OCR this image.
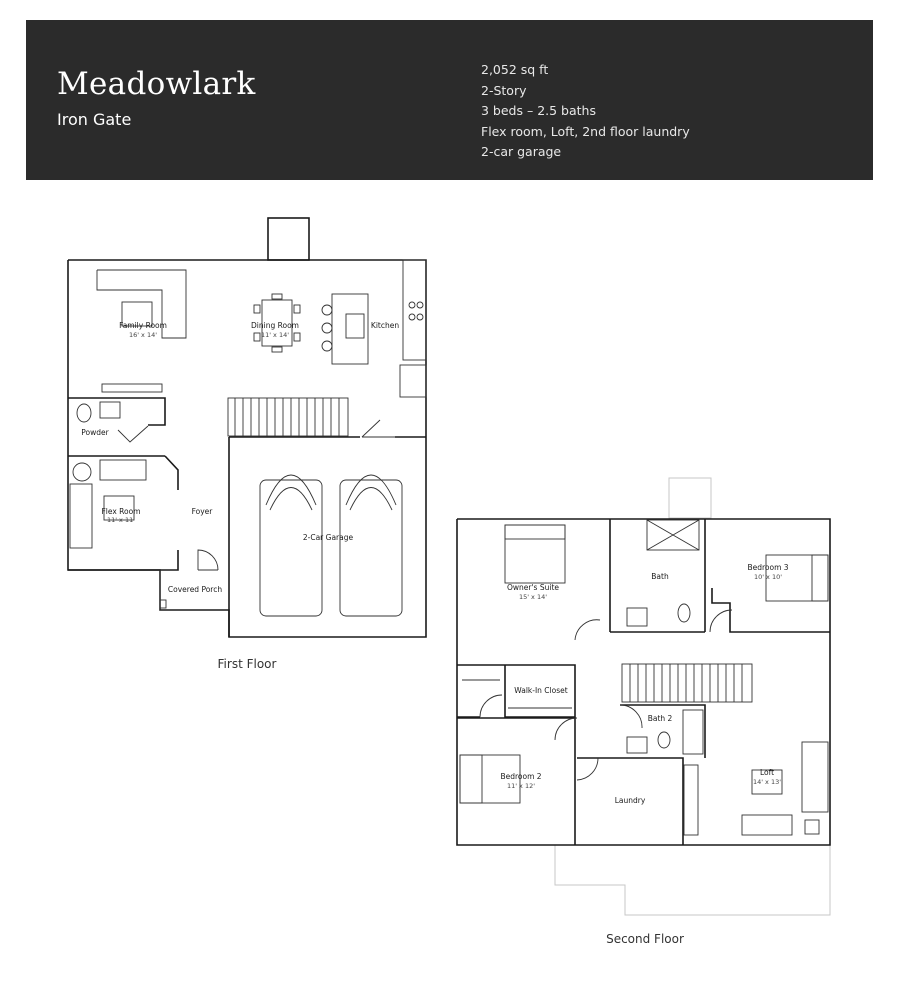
Meadowlark
Iron Gate
2,052 sq ft
2-Story
3 beds – 2.5 baths
Flex room, Loft, 2nd floor laundry
2-car garage
Family Room
16' x 14'
Dining Room
11' x 14'
Kitchen
Powder
Flex Room
11' x 11'
Foyer
Covered Porch
2-Car Garage
First Floor
Owner's Suite
15' x 14'
Bath
Bedroom 3
10' x 10'
Walk-In Closet
Bath 2
Bedroom 2
11' x 12'
Laundry
Loft
14' x 13'
Second Floor
